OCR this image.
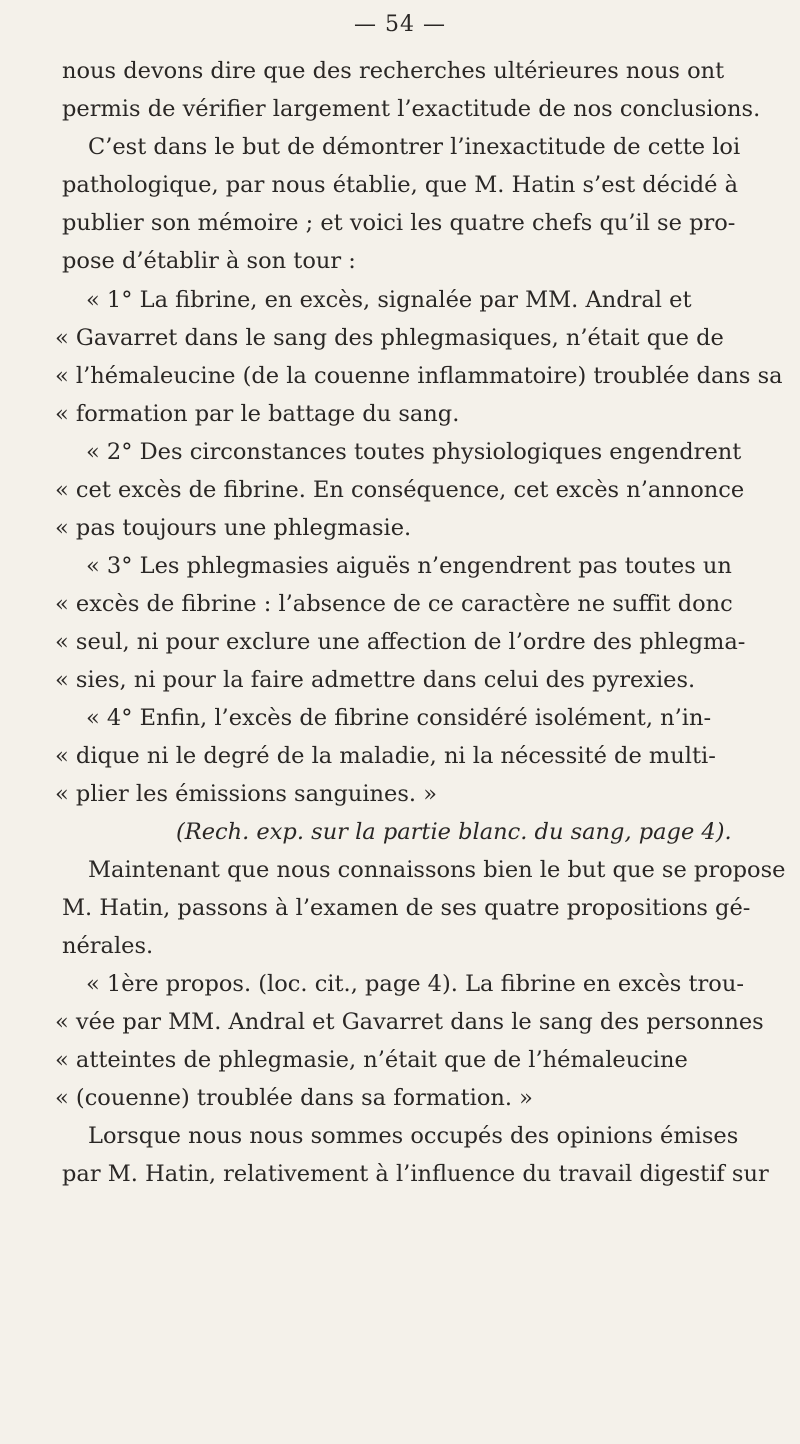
— 54 —
nous devons dire que des recherches ultérieures nous ont
permis de vérifier largement l’exactitude de nos conclusions.
C’est dans le but de démontrer l’inexactitude de cette loi
pathologique, par nous établie, que M. Hatin s’est décidé à
publier son mémoire ; et voici les quatre chefs qu’il se pro-
pose d’établir à son tour :
« 1° La fibrine, en excès, signalée par MM. Andral et
« Gavarret dans le sang des phlegmasiques, n’était que de
« l’hémaleucine (de la couenne inflammatoire) troublée dans sa
« formation par le battage du sang.
« 2° Des circonstances toutes physiologiques engendrent
« cet excès de fibrine. En conséquence, cet excès n’annonce
« pas toujours une phlegmasie.
« 3° Les phlegmasies aiguës n’engendrent pas toutes un
« excès de fibrine : l’absence de ce caractère ne suffit donc
« seul, ni pour exclure une affection de l’ordre des phlegma-
« sies, ni pour la faire admettre dans celui des pyrexies.
« 4° Enfin, l’excès de fibrine considéré isolément, n’in-
« dique ni le degré de la maladie, ni la nécessité de multi-
« plier les émissions sanguines. »
(Rech. exp. sur la partie blanc. du sang, page 4).
Maintenant que nous connaissons bien le but que se propose
M. Hatin, passons à l’examen de ses quatre propositions gé-
nérales.
« 1ère propos. (loc. cit., page 4). La fibrine en excès trou-
« vée par MM. Andral et Gavarret dans le sang des personnes
« atteintes de phlegmasie, n’était que de l’hémaleucine
« (couenne) troublée dans sa formation. »
Lorsque nous nous sommes occupés des opinions émises
par M. Hatin, relativement à l’influence du travail digestif sur
